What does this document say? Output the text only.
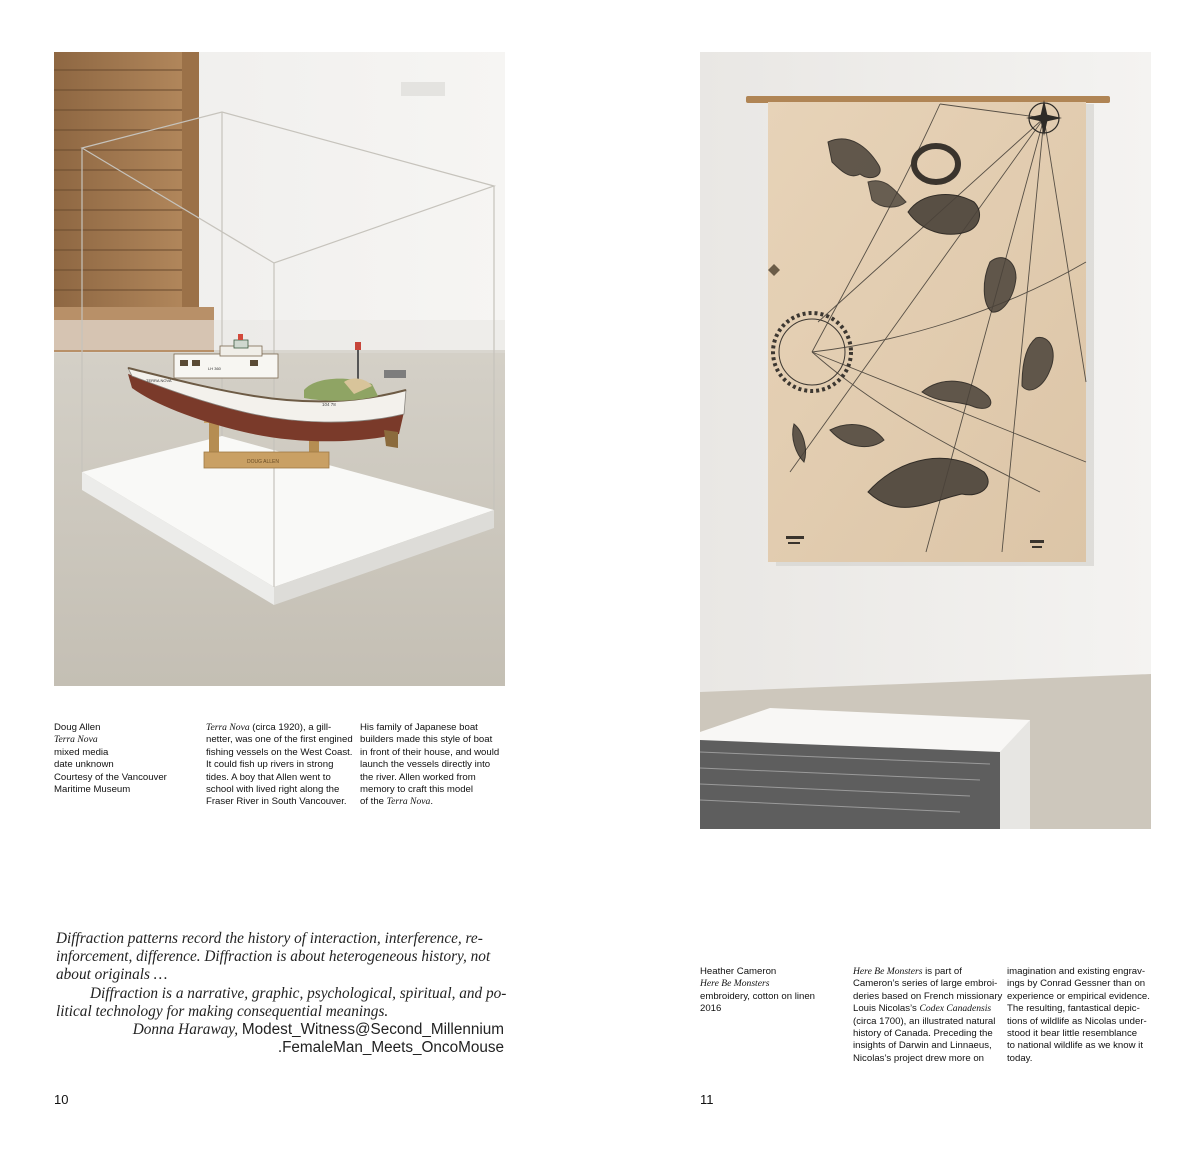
DOUG ALLEN
TERRA NOVA
104 78
LH 360
Doug Allen
Terra Nova
mixed media
date unknown
Courtesy of the Vancouver
Maritime Museum
Terra Nova (circa 1920), a gill-
netter, was one of the first engined
fishing vessels on the West Coast.
It could fish up rivers in strong
tides. A boy that Allen went to
school with lived right along the
Fraser River in South Vancouver.
His family of Japanese boat
builders made this style of boat
in front of their house, and would
launch the vessels directly into
the river. Allen worked from
memory to craft this model
of the Terra Nova.
Diffraction patterns record the history of interaction, interference, re-
inforcement, difference. Diffraction is about heterogeneous history, not
about originals …
Diffraction is a narrative, graphic, psychological, spiritual, and po-
litical technology for making consequential meanings.
Donna Haraway, Modest_Witness@Second_Millennium
.FemaleMan_Meets_OncoMouse
10
Heather Cameron
Here Be Monsters
embroidery, cotton on linen
2016
Here Be Monsters is part of
Cameron’s series of large embroi-
deries based on French missionary
Louis Nicolas’s Codex Canadensis
(circa 1700), an illustrated natural
history of Canada. Preceding the
insights of Darwin and Linnaeus,
Nicolas’s project drew more on
imagination and existing engrav-
ings by Conrad Gessner than on
experience or empirical evidence.
The resulting, fantastical depic-
tions of wildlife as Nicolas under-
stood it bear little resemblance
to national wildlife as we know it
today.
11
